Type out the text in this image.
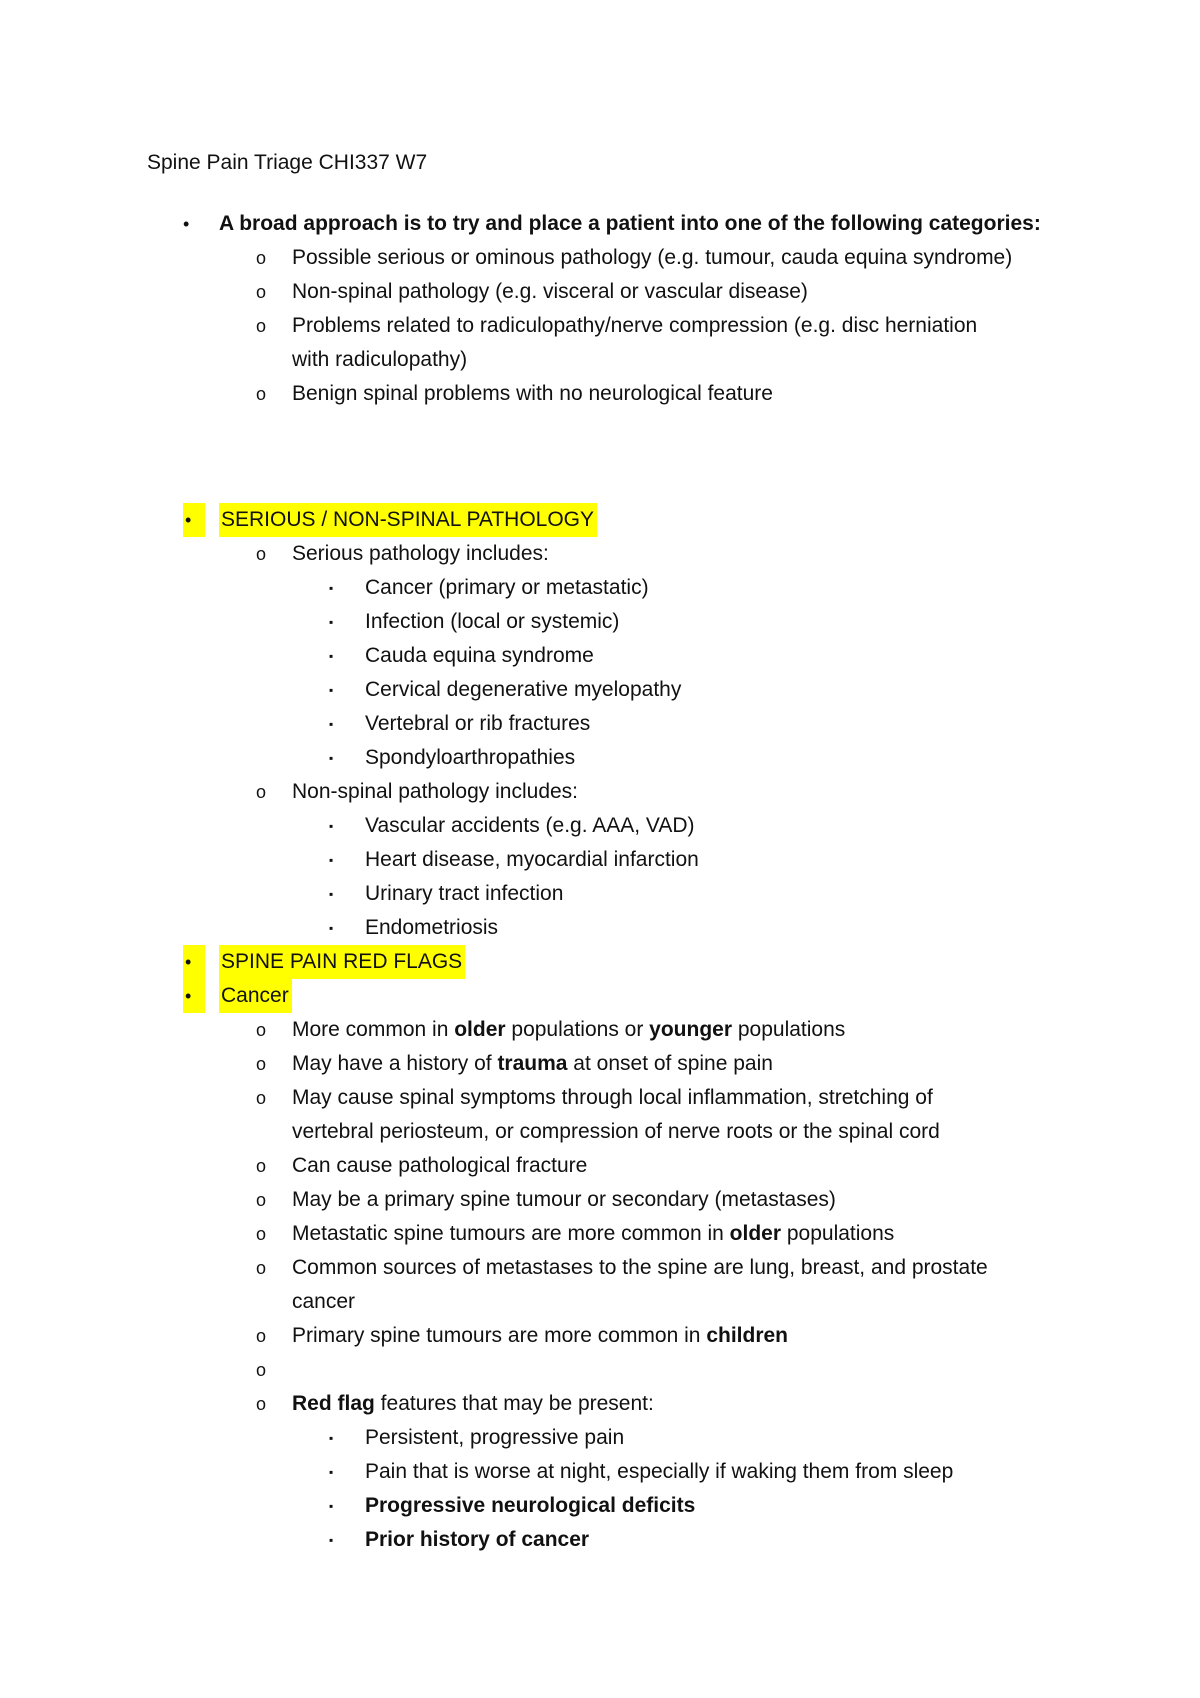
Spine Pain Triage CHI337 W7
• A broad approach is to try and place a patient into one of the following categories:
o Possible serious or ominous pathology (e.g. tumour, cauda equina syndrome)
o Non-spinal pathology (e.g. visceral or vascular disease)
o Problems related to radiculopathy/nerve compression (e.g. disc herniation
with radiculopathy)
o Benign spinal problems with no neurological feature
•	SERIOUS / NON-SPINAL PATHOLOGY
o Serious pathology includes:
▪ Cancer (primary or metastatic)
▪ Infection (local or systemic)
▪ Cauda equina syndrome
▪ Cervical degenerative myelopathy
▪ Vertebral or rib fractures
▪ Spondyloarthropathies
o Non-spinal pathology includes:
▪ Vascular accidents (e.g. AAA, VAD)
▪ Heart disease, myocardial infarction
▪ Urinary tract infection
▪ Endometriosis
•	SPINE PAIN RED FLAGS
•	Cancer
o More common in older populations or younger populations
o May have a history of trauma at onset of spine pain
o May cause spinal symptoms through local inflammation, stretching of
vertebral periosteum, or compression of nerve roots or the spinal cord
o Can cause pathological fracture
o May be a primary spine tumour or secondary (metastases)
o Metastatic spine tumours are more common in older populations
o Common sources of metastases to the spine are lung, breast, and prostate
cancer
o Primary spine tumours are more common in children
o
o Red flag features that may be present:
▪ Persistent, progressive pain
▪ Pain that is worse at night, especially if waking them from sleep
▪ Progressive neurological deficits
▪ Prior history of cancer
